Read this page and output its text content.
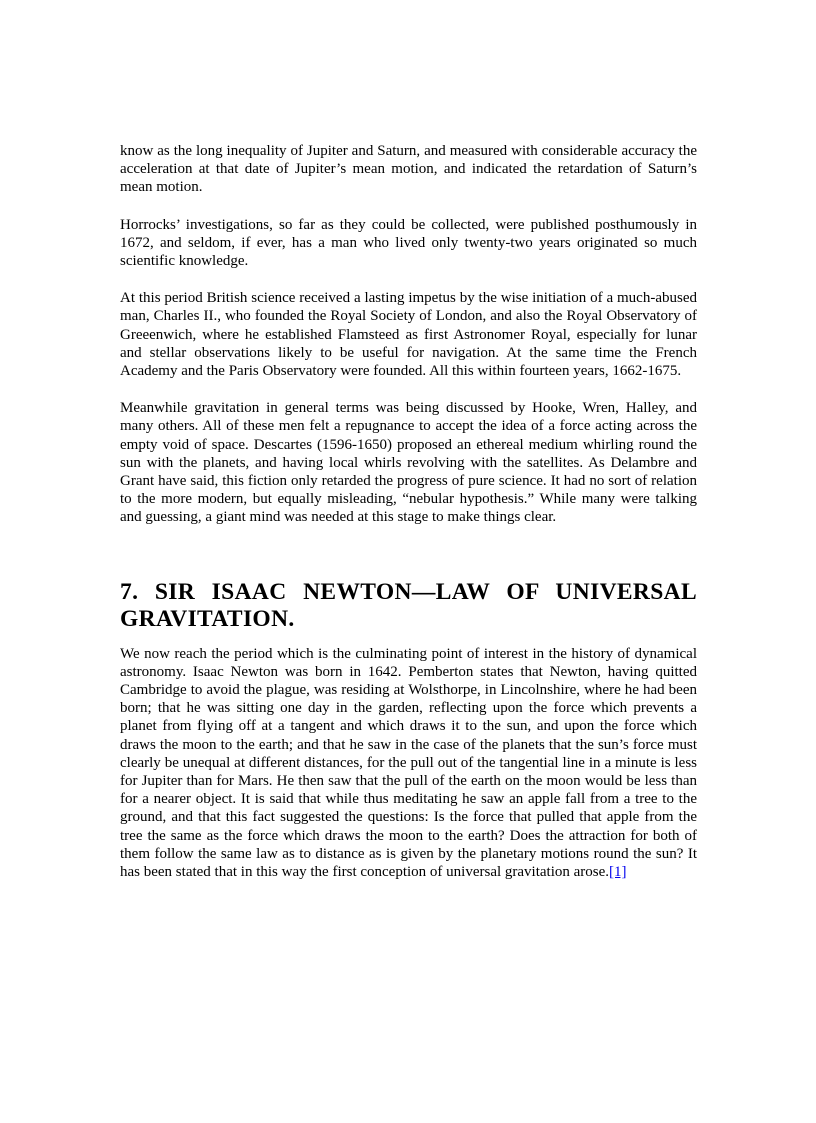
know as the long inequality of Jupiter and Saturn, and measured with considerable accuracy the acceleration at that date of Jupiter’s mean motion, and indicated the retardation of Saturn’s mean motion.

Horrocks’ investigations, so far as they could be collected, were published posthumously in 1672, and seldom, if ever, has a man who lived only twenty-two years originated so much scientific knowledge.

At this period British science received a lasting impetus by the wise initiation of a much-abused man, Charles II., who founded the Royal Society of London, and also the Royal Observatory of Greeenwich, where he established Flamsteed as first Astronomer Royal, especially for lunar and stellar observations likely to be useful for navigation. At the same time the French Academy and the Paris Observatory were founded. All this within fourteen years, 1662-1675.

Meanwhile gravitation in general terms was being discussed by Hooke, Wren, Halley, and many others. All of these men felt a repugnance to accept the idea of a force acting across the empty void of space. Descartes (1596-1650) proposed an ethereal medium whirling round the sun with the planets, and having local whirls revolving with the satellites. As Delambre and Grant have said, this fiction only retarded the progress of pure science. It had no sort of relation to the more modern, but equally misleading, “nebular hypothesis.” While many were talking and guessing, a giant mind was needed at this stage to make things clear.

7. SIR ISAAC NEWTON—LAW OF UNIVERSAL GRAVITATION.

We now reach the period which is the culminating point of interest in the history of dynamical astronomy. Isaac Newton was born in 1642. Pemberton states that Newton, having quitted Cambridge to avoid the plague, was residing at Wolsthorpe, in Lincolnshire, where he had been born; that he was sitting one day in the garden, reflecting upon the force which prevents a planet from flying off at a tangent and which draws it to the sun, and upon the force which draws the moon to the earth; and that he saw in the case of the planets that the sun’s force must clearly be unequal at different distances, for the pull out of the tangential line in a minute is less for Jupiter than for Mars. He then saw that the pull of the earth on the moon would be less than for a nearer object. It is said that while thus meditating he saw an apple fall from a tree to the ground, and that this fact suggested the questions: Is the force that pulled that apple from the tree the same as the force which draws the moon to the earth? Does the attraction for both of them follow the same law as to distance as is given by the planetary motions round the sun? It has been stated that in this way the first conception of universal gravitation arose.[1]
